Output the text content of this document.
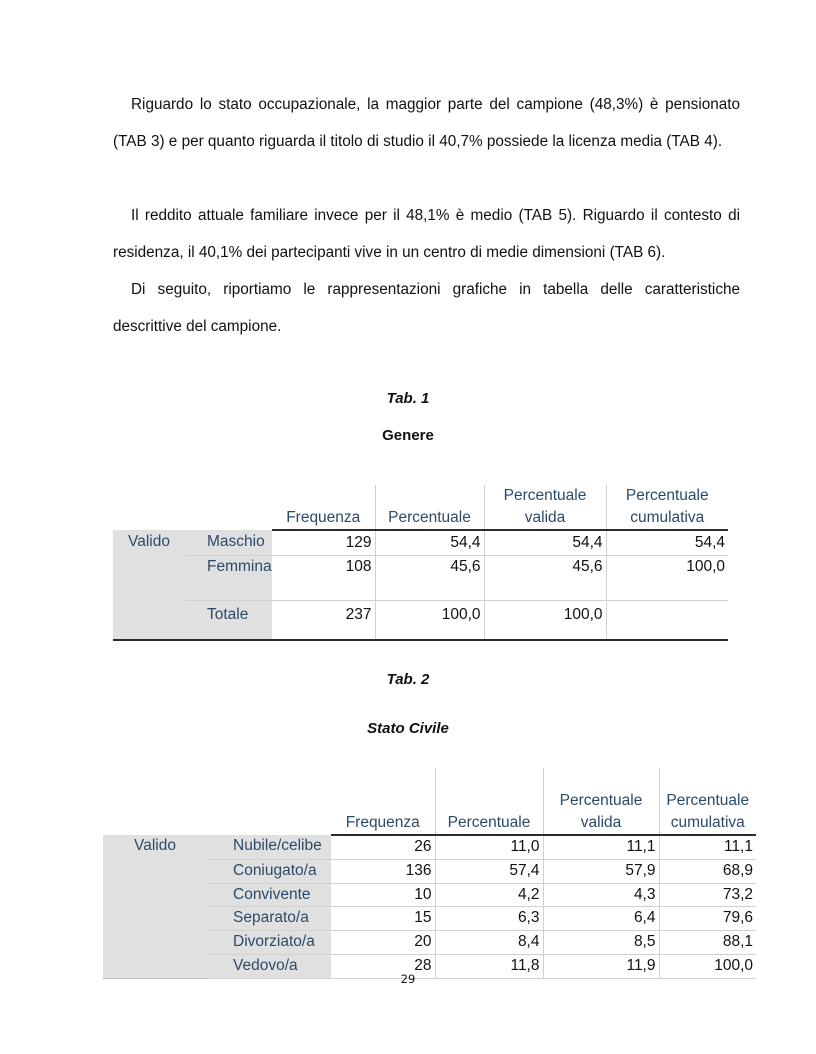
Riguardo lo stato occupazionale, la maggior parte del campione (48,3%) è pensionato (TAB 3) e per quanto riguarda il titolo di studio il 40,7% possiede la licenza media (TAB 4).

Il reddito attuale familiare invece per il 48,1% è medio (TAB 5). Riguardo il contesto di residenza, il 40,1% dei partecipanti vive in un centro di medie dimensioni (TAB 6).

Di seguito, riportiamo le rappresentazioni grafiche in tabella delle caratteristiche descrittive del campione.

Tab. 1
Genere
		Frequenza	Percentuale	Percentuale valida	Percentuale cumulativa
Valido	Maschio	129	54,4	54,4	54,4
	Femmina	108	45,6	45,6	100,0
	Totale	237	100,0	100,0	
Tab. 2
Stato Civile
		Frequenza	Percentuale	Percentuale valida	Percentuale cumulativa
Valido	Nubile/celibe	26	11,0	11,1	11,1
	Coniugato/a	136	57,4	57,9	68,9
	Convivente	10	4,2	4,3	73,2
	Separato/a	15	6,3	6,4	79,6
	Divorziato/a	20	8,4	8,5	88,1
	Vedovo/a	28	11,8	11,9	100,0
29
